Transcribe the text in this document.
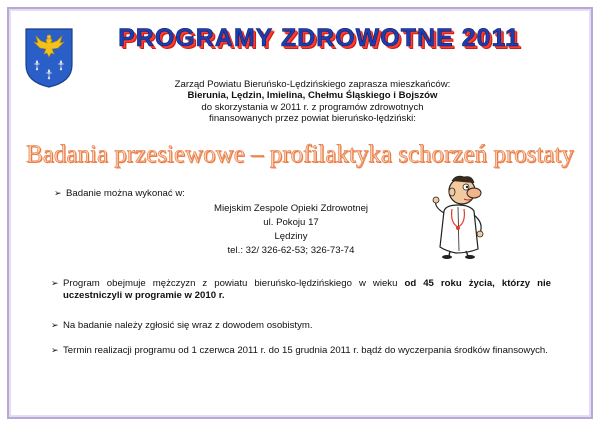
PROGRAMY ZDROWOTNE 2011
Zarząd Powiatu Bieruńsko-Lędzińskiego zaprasza mieszkańców:
Bierunia, Lędzin, Imielina, Chełmu Śląskiego i Bojszów
do skorzystania w 2011 r. z programów zdrowotnych
finansowanych przez powiat bieruńsko-lędziński:
Badania przesiewowe – profilaktyka schorzeń prostaty
➢ Badanie można wykonać w:
Miejskim Zespole Opieki Zdrowotnej
ul. Pokoju 17
Lędziny
tel.: 32/ 326-62-53; 326-73-74
➢ Program obejmuje mężczyzn z powiatu bieruńsko-lędzińskiego w wieku od 45 roku życia, którzy nie uczestniczyli w programie w 2010 r.
➢ Na badanie należy zgłosić się wraz z dowodem osobistym.
➢ Termin realizacji programu od 1 czerwca 2011 r. do 15 grudnia 2011 r. bądź do wyczerpania środków finansowych.
